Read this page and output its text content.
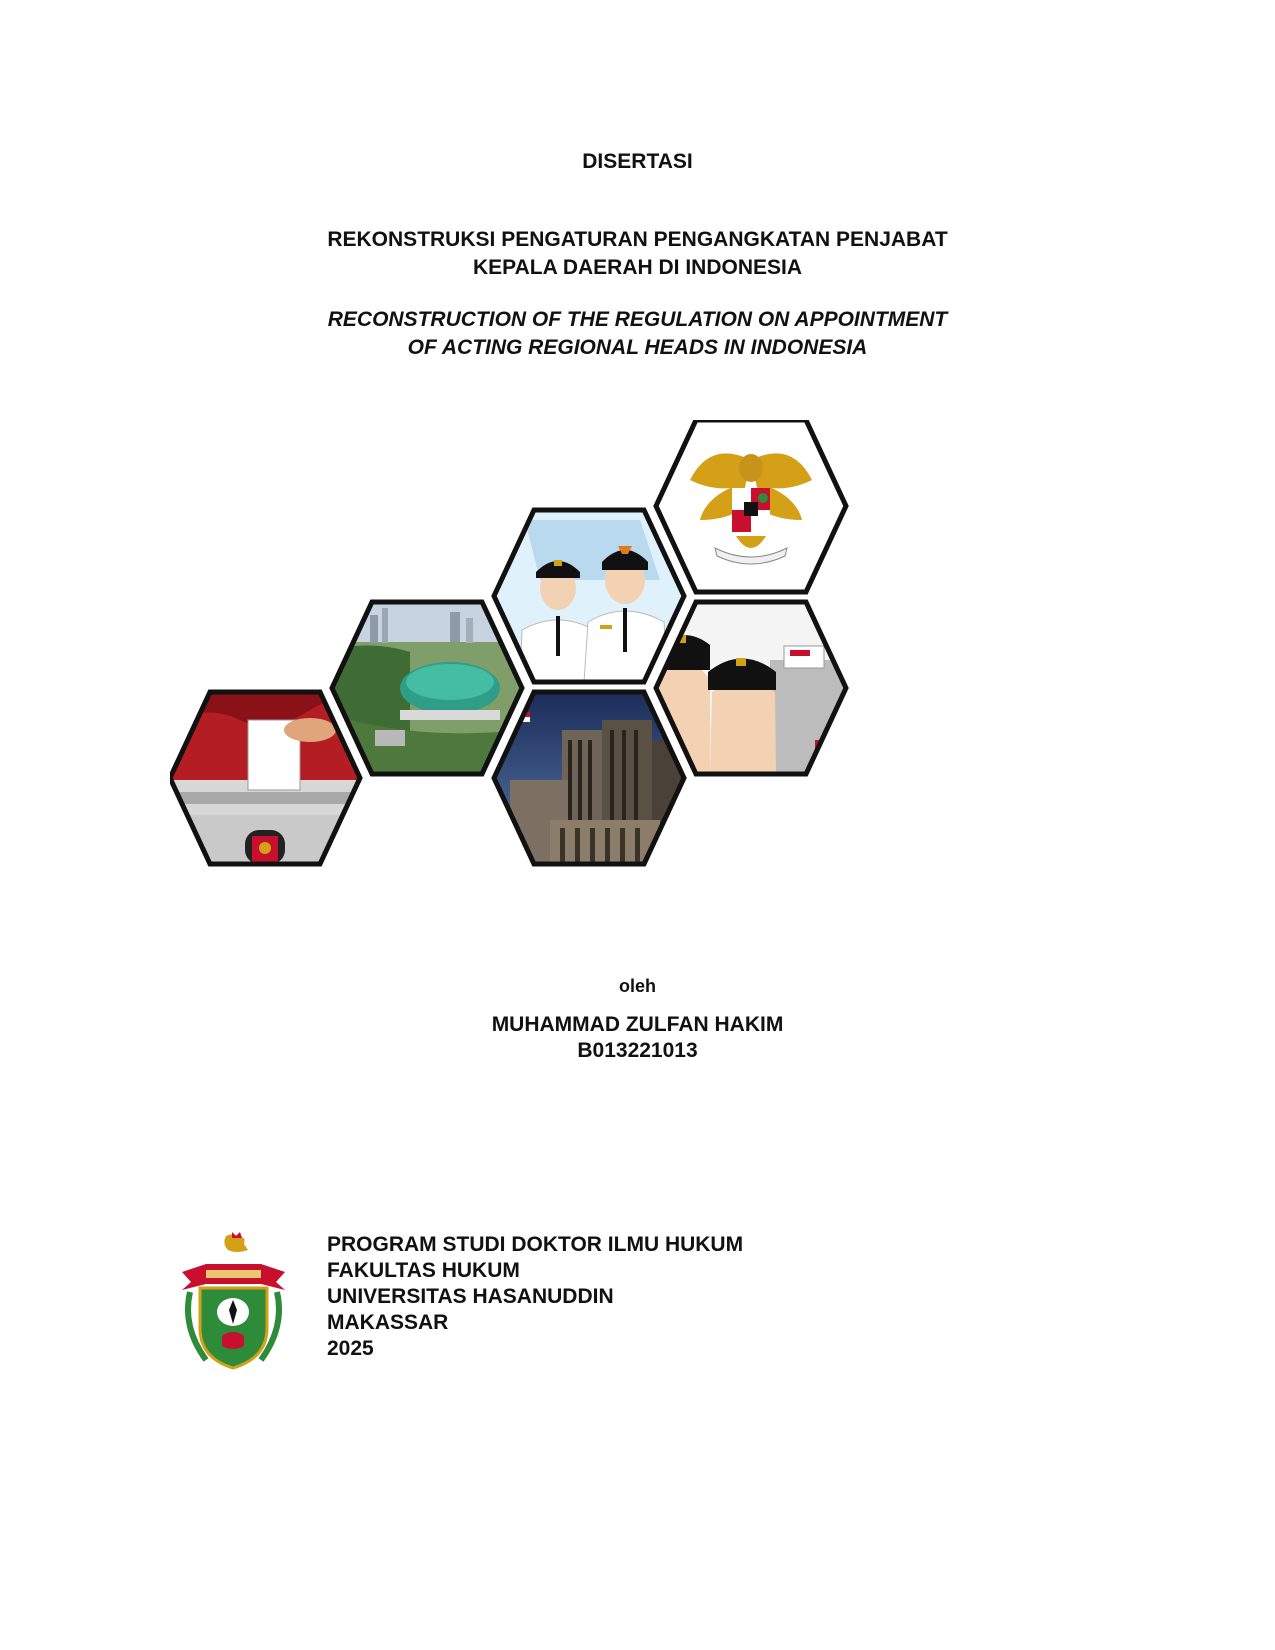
DISERTASI
REKONSTRUKSI PENGATURAN PENGANGKATAN PENJABAT
KEPALA DAERAH DI INDONESIA
RECONSTRUCTION OF THE REGULATION ON APPOINTMENT
OF ACTING REGIONAL HEADS IN INDONESIA
oleh
MUHAMMAD ZULFAN HAKIM
B013221013
PROGRAM STUDI DOKTOR ILMU HUKUM
FAKULTAS HUKUM
UNIVERSITAS HASANUDDIN
MAKASSAR
2025
